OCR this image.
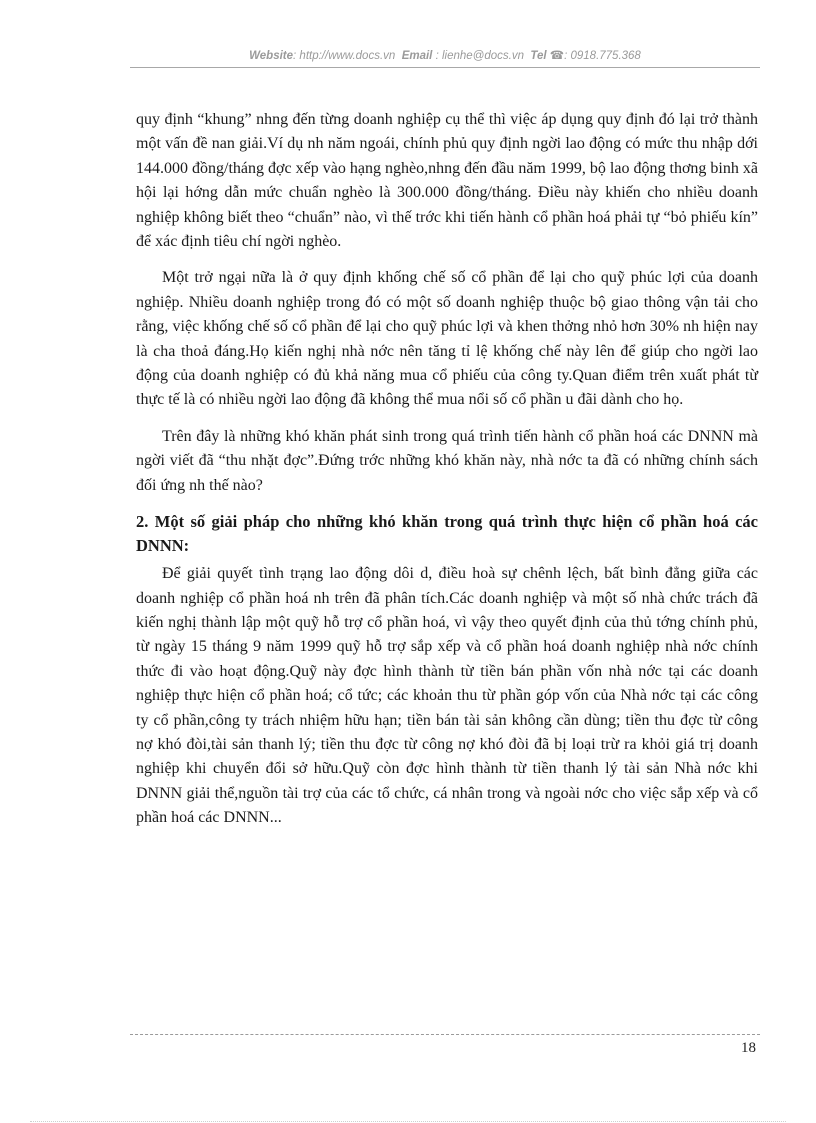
Website: http://www.docs.vn Email : lienhe@docs.vn Tel ☎: 0918.775.368

quy định “khung” nhng đến từng doanh nghiệp cụ thể thì việc áp dụng quy định đó lại trở thành một vấn đề nan giải.Ví dụ nh năm ngoái, chính phủ quy định ngời lao động có mức thu nhập dới 144.000 đồng/tháng đợc xếp vào hạng nghèo,nhng đến đầu năm 1999, bộ lao động thơng binh xã hội lại hớng dẫn mức chuẩn nghèo là 300.000 đồng/tháng. Điều này khiến cho nhiều doanh nghiệp không biết theo “chuẩn” nào, vì thế trớc khi tiến hành cổ phần hoá phải tự “bỏ phiếu kín” để xác định tiêu chí ngời nghèo.

Một trở ngại nữa là ở quy định khống chế số cổ phần để lại cho quỹ phúc lợi của doanh nghiệp. Nhiều doanh nghiệp trong đó có một số doanh nghiệp thuộc bộ giao thông vận tải cho rằng, việc khống chế số cổ phần để lại cho quỹ phúc lợi và khen thởng nhỏ hơn 30% nh hiện nay là cha thoả đáng.Họ kiến nghị nhà nớc nên tăng tỉ lệ khống chế này lên để giúp cho ngời lao động của doanh nghiệp có đủ khả năng mua cổ phiếu của công ty.Quan điểm trên xuất phát từ thực tế là có nhiều ngời lao động đã không thể mua nổi số cổ phần u đãi dành cho họ.

Trên đây là những khó khăn phát sinh trong quá trình tiến hành cổ phần hoá các DNNN mà ngời viết đã “thu nhặt đợc”.Đứng trớc những khó khăn này, nhà nớc ta đã có những chính sách đối ứng nh thế nào?

2. Một số giải pháp cho những khó khăn trong quá trình thực hiện cổ phần hoá các DNNN:

Để giải quyết tình trạng lao động dôi d, điều hoà sự chênh lệch, bất bình đẳng giữa các doanh nghiệp cổ phần hoá nh trên đã phân tích.Các doanh nghiệp và một số nhà chức trách đã kiến nghị thành lập một quỹ hỗ trợ cổ phần hoá, vì vậy theo quyết định của thủ tớng chính phủ, từ ngày 15 tháng 9 năm 1999 quỹ hỗ trợ sắp xếp và cổ phần hoá doanh nghiệp nhà nớc chính thức đi vào hoạt động.Quỹ này đợc hình thành từ tiền bán phần vốn nhà nớc tại các doanh nghiệp thực hiện cổ phần hoá; cổ tức; các khoản thu từ phần góp vốn của Nhà nớc tại các công ty cổ phần,công ty trách nhiệm hữu hạn; tiền bán tài sản không cần dùng; tiền thu đợc từ công nợ khó đòi,tài sản thanh lý; tiền thu đợc từ công nợ khó đòi đã bị loại trừ ra khỏi giá trị doanh nghiệp khi chuyển đổi sở hữu.Quỹ còn đợc hình thành từ tiền thanh lý tài sản Nhà nớc khi DNNN giải thể,nguồn tài trợ của các tổ chức, cá nhân trong và ngoài nớc cho việc sắp xếp và cổ phần hoá các DNNN...

18
